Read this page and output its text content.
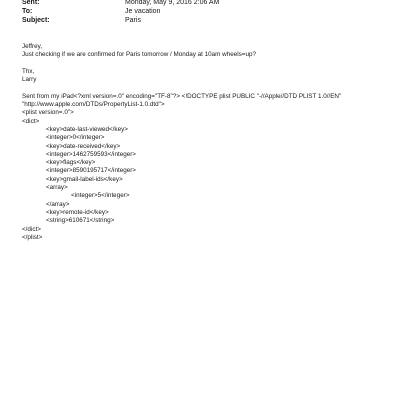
Sent:	Monday, May 9, 2016 2:06 AM
To:	Je vacation
Subject:	Paris
Jeffrey,
Just checking if we are confirmed for Paris tomorrow / Monday at 10am wheels=up?
Thx,
Larry
Sent from my iPad<?xml version=.0" encoding="TF-8"?> <!DOCTYPE plist PUBLIC "-//Apple//DTD PLIST 1.0//EN"
"http://www.apple.com/DTDs/PropertyList-1.0.dtd">
<plist version=.0">
<dict>
<key>date-last-viewed</key>
<integer>0</integer>
<key>date-received</key>
<integer>1462759593</integer>
<key>flags</key>
<integer>8590195717</integer>
<key>gmail-label-ids</key>
<array>
<integer>5</integer>
</array>
<key>remote-id</key>
<string>610671</string>
</dict>
</plist>
